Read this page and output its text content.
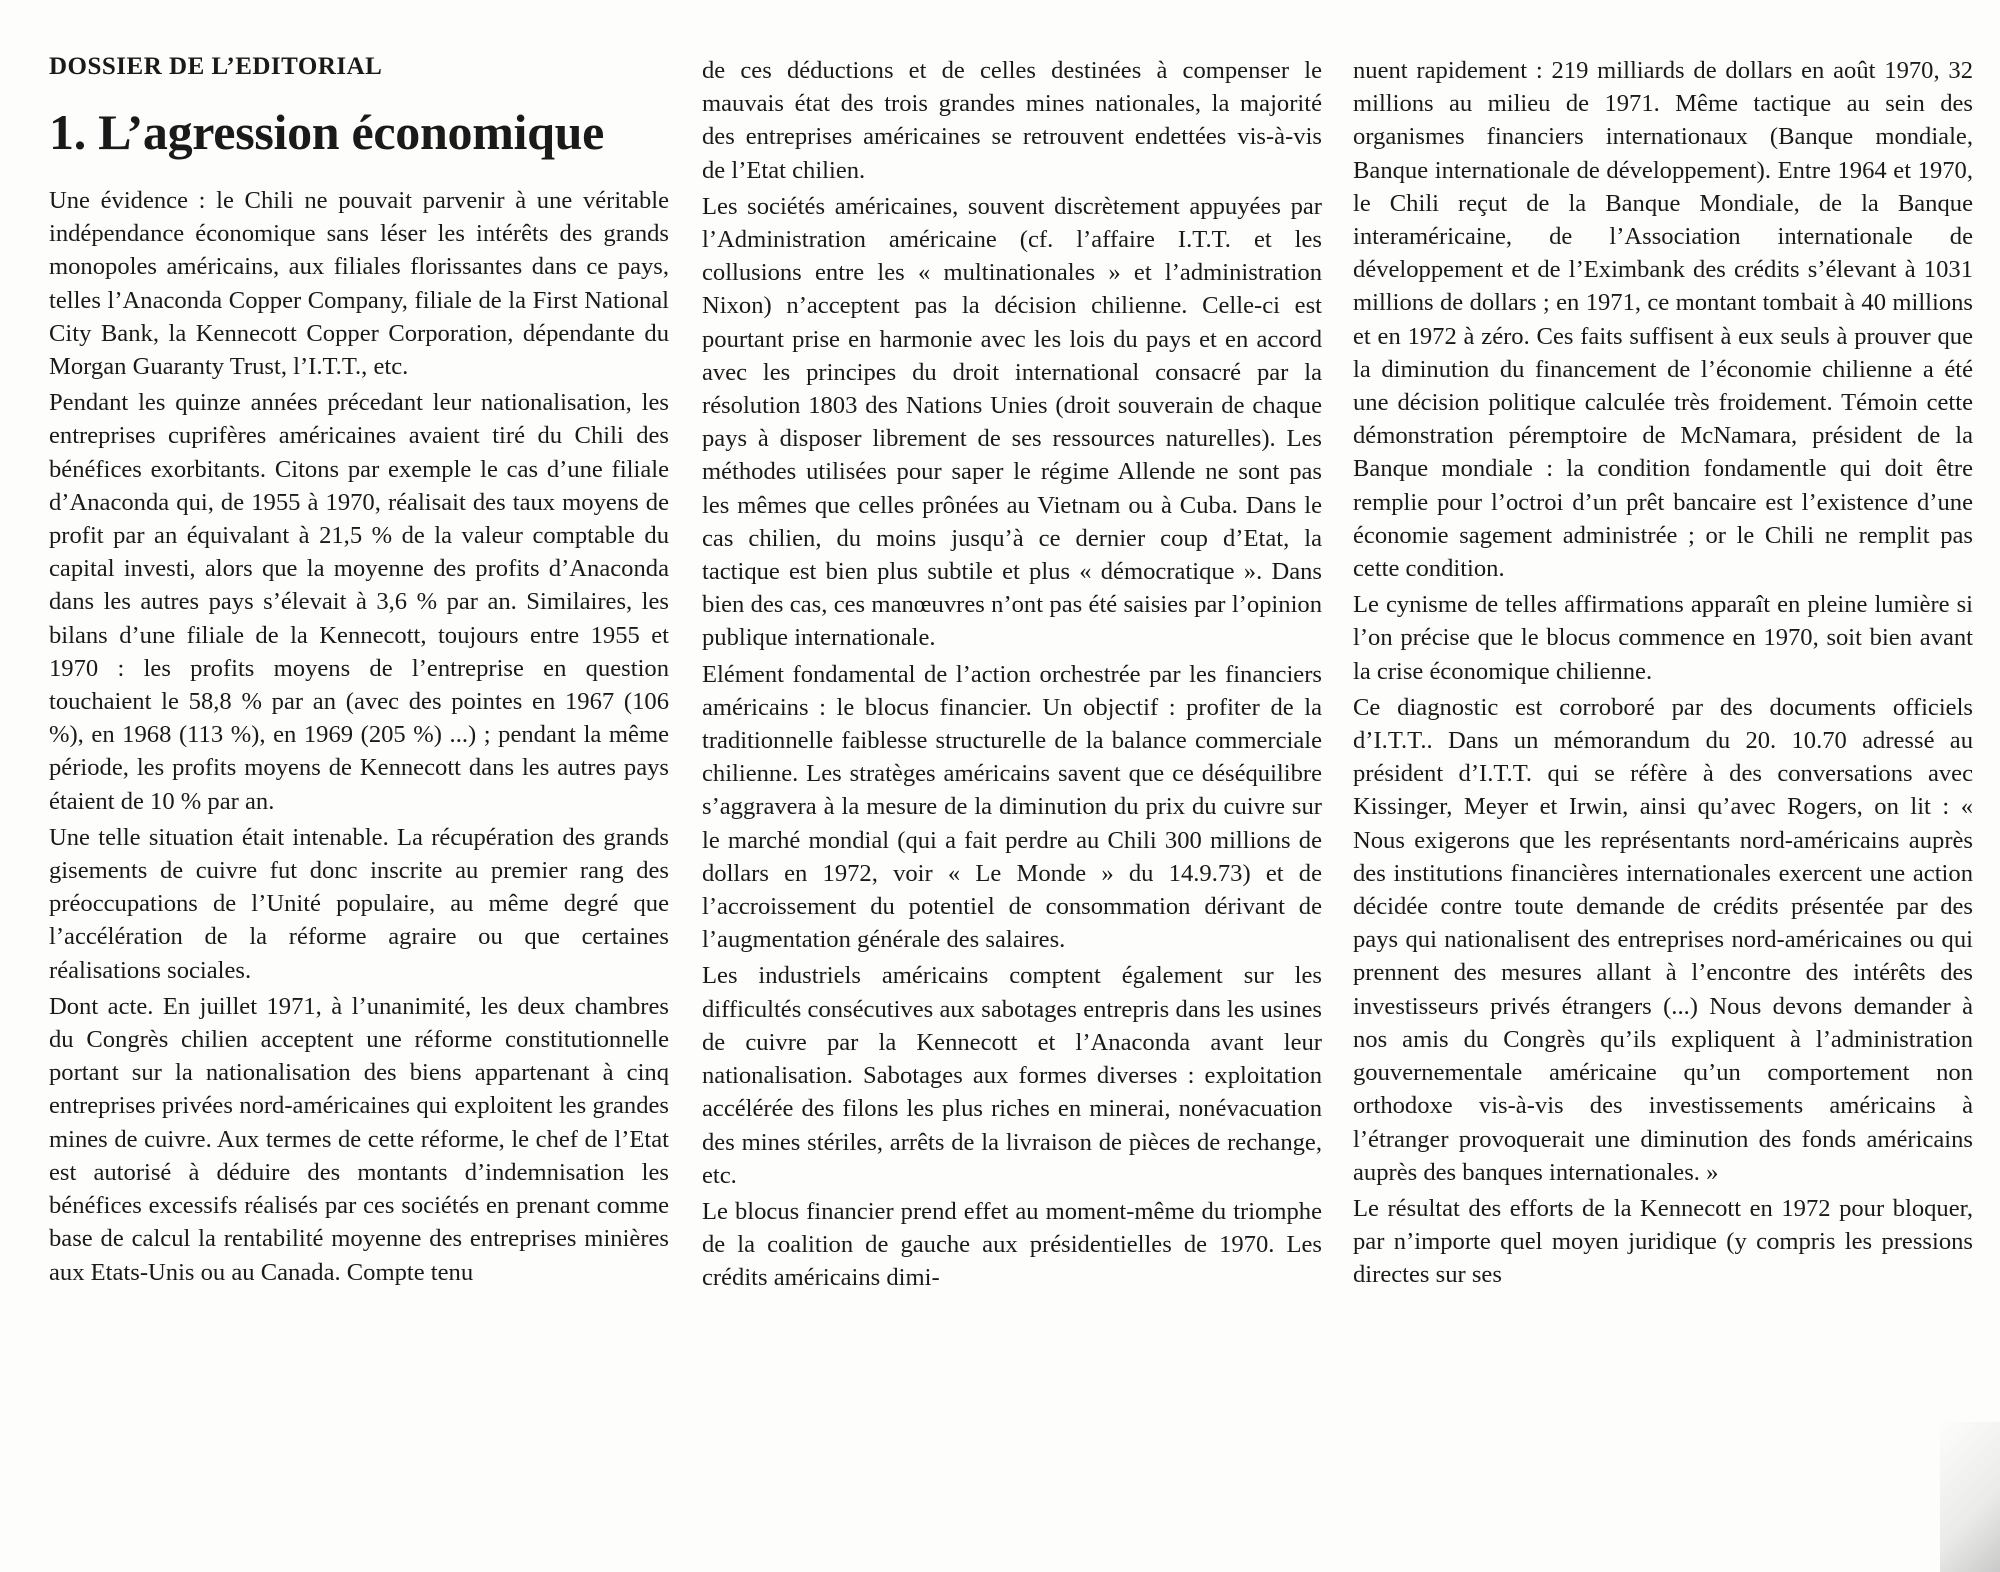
DOSSIER DE L’EDITORIAL
1. L’agression économique

Une évidence : le Chili ne pouvait parvenir à une véritable indépendance économique sans léser les intérêts des grands monopoles américains, aux filiales florissantes dans ce pays, telles l’Anaconda Copper Company, filiale de la First National City Bank, la Kennecott Copper Corporation, dépendante du Morgan Guaranty Trust, l’I.T.T., etc.

Pendant les quinze années précedant leur nationalisation, les entreprises cuprifères américaines avaient tiré du Chili des bénéfices exorbitants. Citons par exemple le cas d’une filiale d’Anaconda qui, de 1955 à 1970, réalisait des taux moyens de profit par an équivalant à 21,5 % de la valeur comptable du capital investi, alors que la moyenne des profits d’Anaconda dans les autres pays s’élevait à 3,6 % par an. Similaires, les bilans d’une filiale de la Kennecott, toujours entre 1955 et 1970 : les profits moyens de l’entreprise en question touchaient le 58,8 % par an (avec des pointes en 1967 (106 %), en 1968 (113 %), en 1969 (205 %) ...) ; pendant la même période, les profits moyens de Kennecott dans les autres pays étaient de 10 % par an.

Une telle situation était intenable. La récupération des grands gisements de cuivre fut donc inscrite au premier rang des préoccupations de l’Unité populaire, au même degré que l’accélération de la réforme agraire ou que certaines réalisations sociales.

Dont acte. En juillet 1971, à l’unanimité, les deux chambres du Congrès chilien acceptent une réforme constitutionnelle portant sur la nationalisation des biens appartenant à cinq entreprises privées nord-américaines qui exploitent les grandes mines de cuivre. Aux termes de cette réforme, le chef de l’Etat est autorisé à déduire des montants d’indemnisation les bénéfices excessifs réalisés par ces sociétés en prenant comme base de calcul la rentabilité moyenne des entreprises minières aux Etats-Unis ou au Canada. Compte tenu

de ces déductions et de celles destinées à compenser le mauvais état des trois grandes mines nationales, la majorité des entreprises américaines se retrouvent endettées vis-à-vis de l’Etat chilien.

Les sociétés américaines, souvent discrètement appuyées par l’Administration américaine (cf. l’affaire I.T.T. et les collusions entre les « multinationales » et l’administration Nixon) n’acceptent pas la décision chilienne. Celle-ci est pourtant prise en harmonie avec les lois du pays et en accord avec les principes du droit international consacré par la résolution 1803 des Nations Unies (droit souverain de chaque pays à disposer librement de ses ressources naturelles). Les méthodes utilisées pour saper le régime Allende ne sont pas les mêmes que celles prônées au Vietnam ou à Cuba. Dans le cas chilien, du moins jusqu’à ce dernier coup d’Etat, la tactique est bien plus subtile et plus « démocratique ». Dans bien des cas, ces manœuvres n’ont pas été saisies par l’opinion publique internationale.

Elément fondamental de l’action orchestrée par les financiers américains : le blocus financier. Un objectif : profiter de la traditionnelle faiblesse structurelle de la balance commerciale chilienne. Les stratèges américains savent que ce déséquilibre s’aggravera à la mesure de la diminution du prix du cuivre sur le marché mondial (qui a fait perdre au Chili 300 millions de dollars en 1972, voir « Le Monde » du 14.9.73) et de l’accroissement du potentiel de consommation dérivant de l’augmentation générale des salaires.

Les industriels américains comptent également sur les difficultés consécutives aux sabotages entrepris dans les usines de cuivre par la Kennecott et l’Anaconda avant leur nationalisation. Sabotages aux formes diverses : exploitation accélérée des filons les plus riches en minerai, nonévacuation des mines stériles, arrêts de la livraison de pièces de rechange, etc.

Le blocus financier prend effet au moment-même du triomphe de la coalition de gauche aux présidentielles de 1970. Les crédits américains dimi-

nuent rapidement : 219 milliards de dollars en août 1970, 32 millions au milieu de 1971. Même tactique au sein des organismes financiers internationaux (Banque mondiale, Banque internationale de développement). Entre 1964 et 1970, le Chili reçut de la Banque Mondiale, de la Banque interaméricaine, de l’Association internationale de développement et de l’Eximbank des crédits s’élevant à 1031 millions de dollars ; en 1971, ce montant tombait à 40 millions et en 1972 à zéro. Ces faits suffisent à eux seuls à prouver que la diminution du financement de l’économie chilienne a été une décision politique calculée très froidement. Témoin cette démonstration péremptoire de McNamara, président de la Banque mondiale : la condition fondamentle qui doit être remplie pour l’octroi d’un prêt bancaire est l’existence d’une économie sagement administrée ; or le Chili ne remplit pas cette condition.

Le cynisme de telles affirmations apparaît en pleine lumière si l’on précise que le blocus commence en 1970, soit bien avant la crise économique chilienne.

Ce diagnostic est corroboré par des documents officiels d’I.T.T.. Dans un mémorandum du 20. 10.70 adressé au président d’I.T.T. qui se réfère à des conversations avec Kissinger, Meyer et Irwin, ainsi qu’avec Rogers, on lit : « Nous exigerons que les représentants nord-américains auprès des institutions financières internationales exercent une action décidée contre toute demande de crédits présentée par des pays qui nationalisent des entreprises nord-américaines ou qui prennent des mesures allant à l’encontre des intérêts des investisseurs privés étrangers (...) Nous devons demander à nos amis du Congrès qu’ils expliquent à l’administration gouvernementale américaine qu’un comportement non orthodoxe vis-à-vis des investissements américains à l’étranger provoquerait une diminution des fonds américains auprès des banques internationales. »

Le résultat des efforts de la Kennecott en 1972 pour bloquer, par n’importe quel moyen juridique (y compris les pressions directes sur ses
